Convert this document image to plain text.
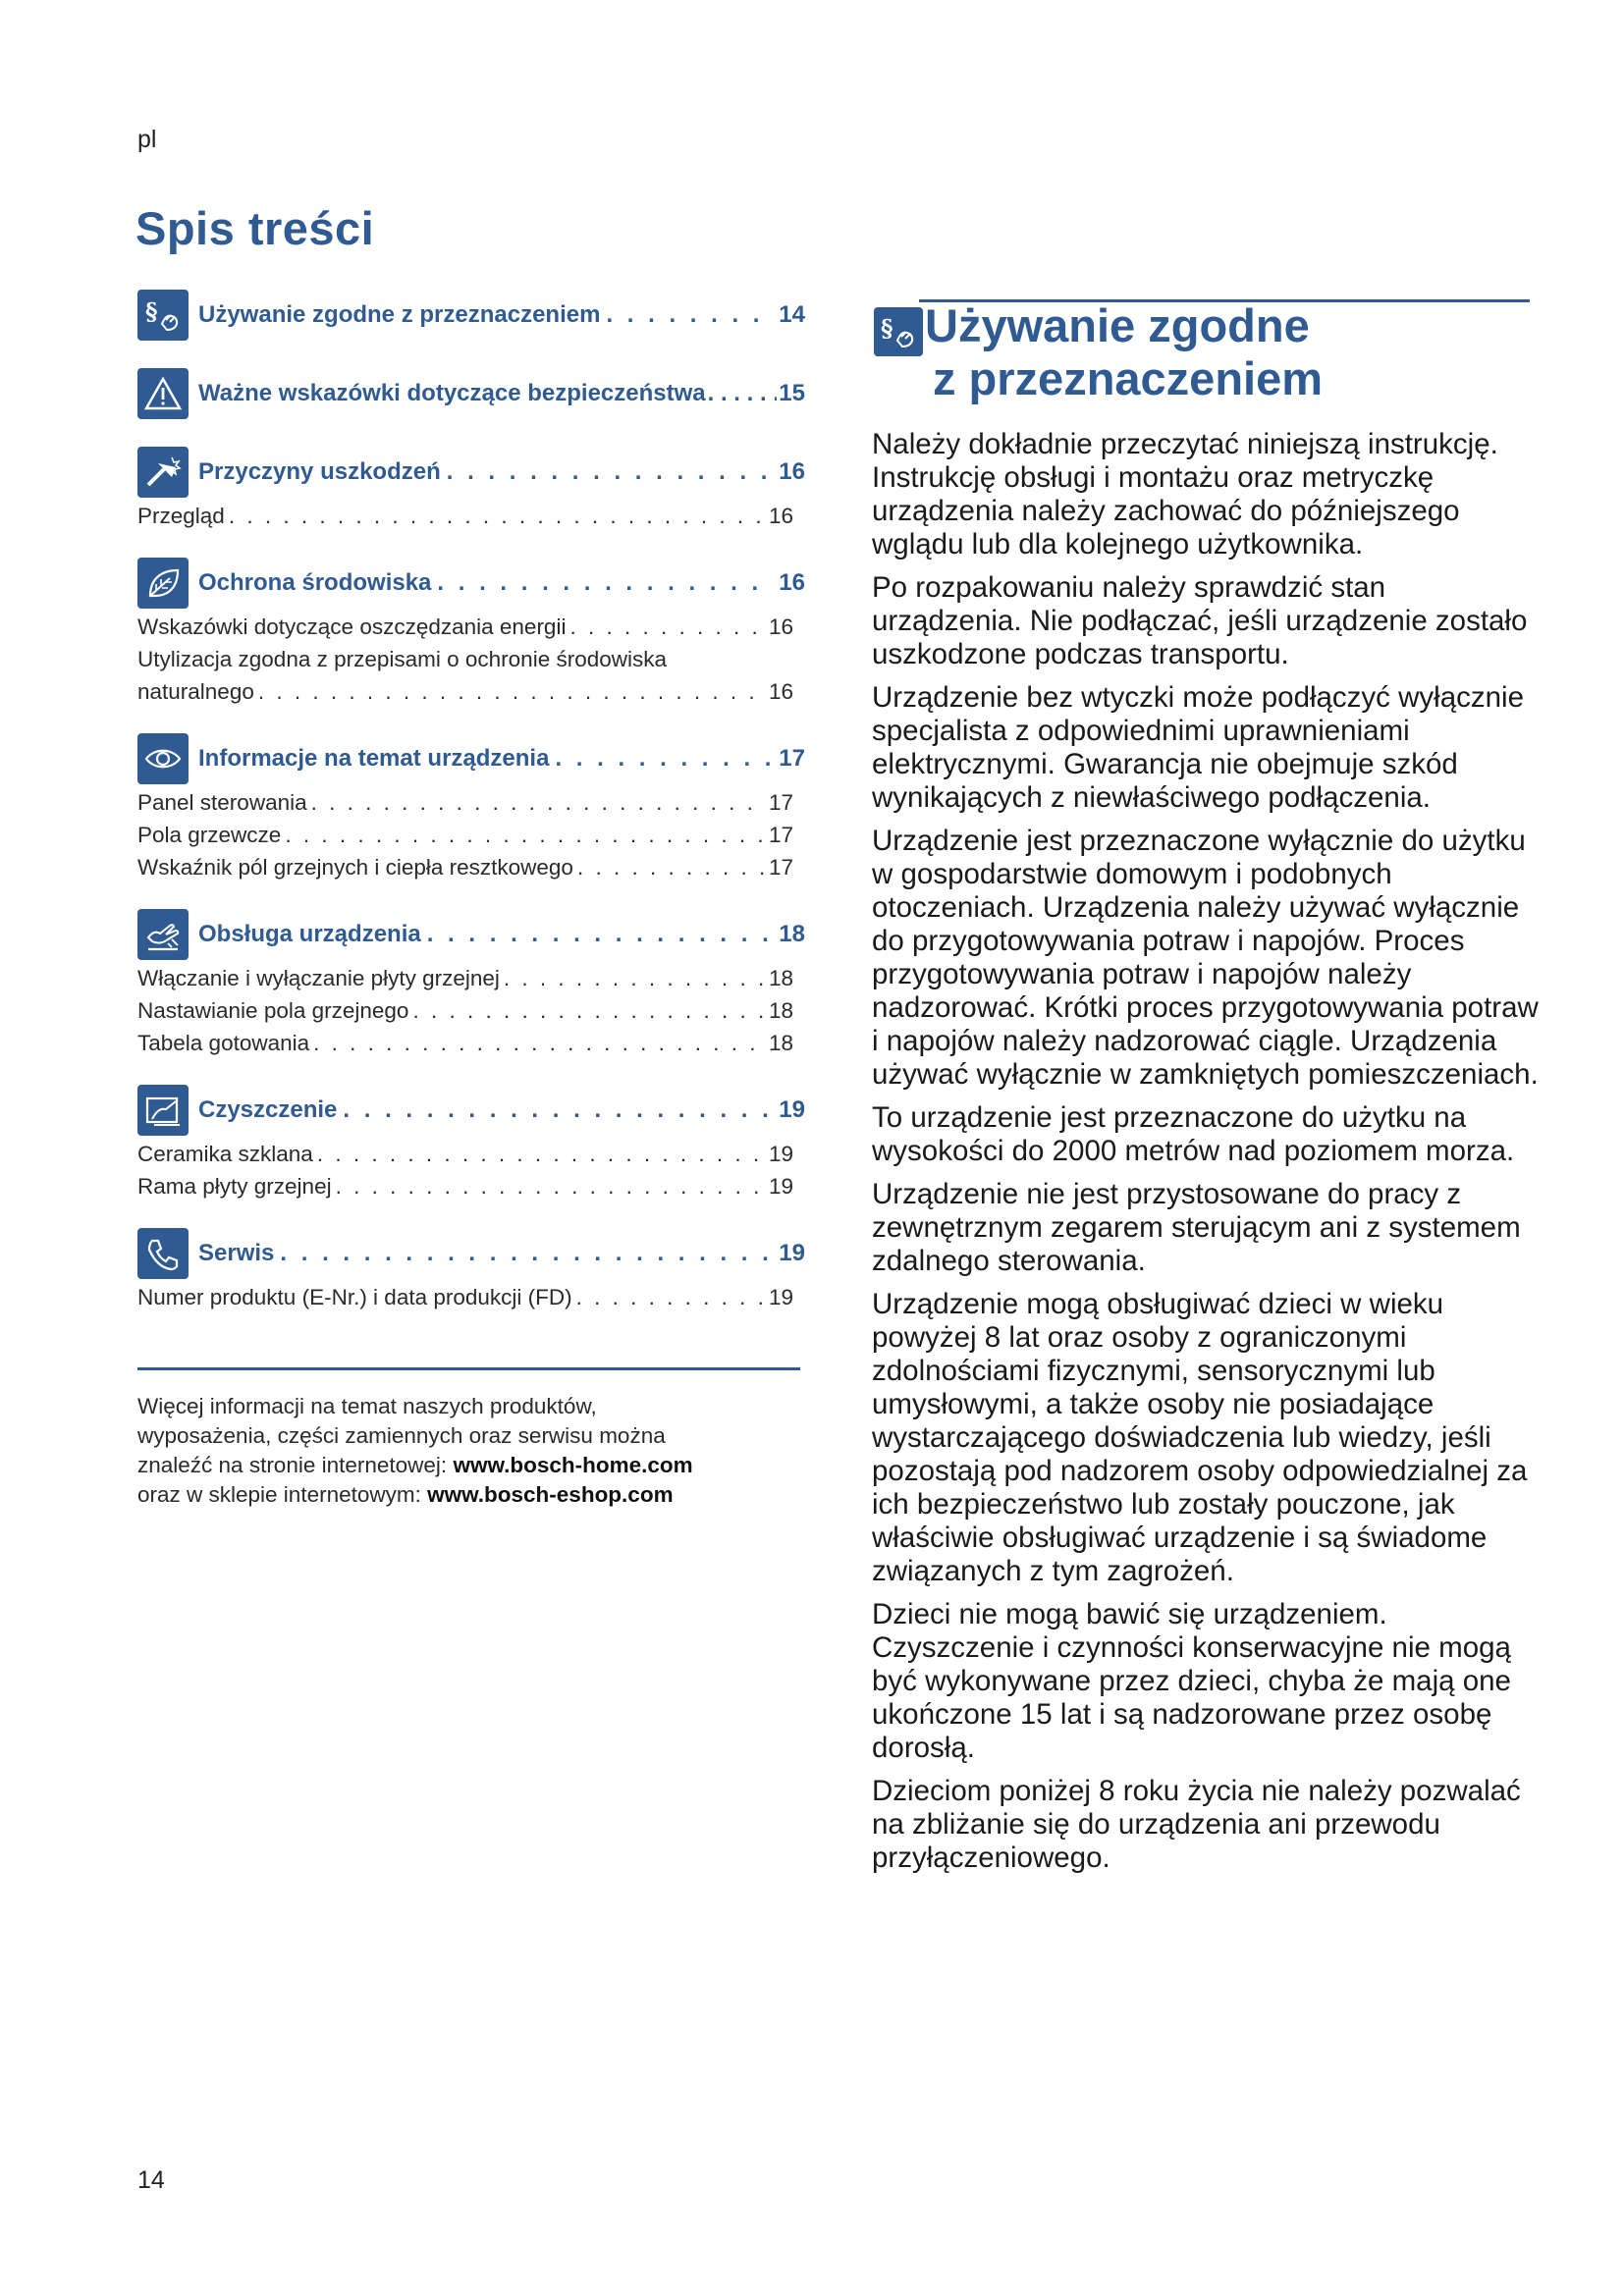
pl
Spis treści
§ Używanie zgodne z przeznaczeniem . . .	14
Ważne wskazówki dotyczące bezpieczeństwa . . .	15
Przyczyny uszkodzeń . . .	16
Przegląd . . .	16
Ochrona środowiska . . .	16
Wskazówki dotyczące oszczędzania energii . . .	16
Utylizacja zgodna z przepisami o ochronie środowiska
naturalnego . . .	16
Informacje na temat urządzenia . . .	17
Panel sterowania . . .	17
Pola grzewcze . . .	17
Wskaźnik pól grzejnych i ciepła resztkowego . . .	17
Obsługa urządzenia . . .	18
Włączanie i wyłączanie płyty grzejnej . . .	18
Nastawianie pola grzejnego . . .	18
Tabela gotowania . . .	18
Czyszczenie . . .	19
Ceramika szklana . . .	19
Rama płyty grzejnej . . .	19
Serwis . . .	19
Numer produktu (E-Nr.) i data produkcji (FD) . . .	19
Więcej informacji na temat naszych produktów,
wyposażenia, części zamiennych oraz serwisu można
znaleźć na stronie internetowej: www.bosch-home.com
oraz w sklepie internetowym: www.bosch-eshop.com
§ Używanie zgodne
z przeznaczeniem

Należy dokładnie przeczytać niniejszą instrukcję. Instrukcję obsługi i montażu oraz metryczkę urządzenia należy zachować do późniejszego wglądu lub dla kolejnego użytkownika.

Po rozpakowaniu należy sprawdzić stan urządzenia. Nie podłączać, jeśli urządzenie zostało uszkodzone podczas transportu.

Urządzenie bez wtyczki może podłączyć wyłącznie specjalista z odpowiednimi uprawnieniami elektrycznymi. Gwarancja nie obejmuje szkód wynikających z niewłaściwego podłączenia.

Urządzenie jest przeznaczone wyłącznie do użytku w gospodarstwie domowym i podobnych otoczeniach. Urządzenia należy używać wyłącznie do przygotowywania potraw i napojów. Proces przygotowywania potraw i napojów należy nadzorować. Krótki proces przygotowywania potraw i napojów należy nadzorować ciągle. Urządzenia używać wyłącznie w zamkniętych pomieszczeniach.

To urządzenie jest przeznaczone do użytku na wysokości do 2000 metrów nad poziomem morza.

Urządzenie nie jest przystosowane do pracy z zewnętrznym zegarem sterującym ani z systemem zdalnego sterowania.

Urządzenie mogą obsługiwać dzieci w wieku powyżej 8 lat oraz osoby z ograniczonymi zdolnościami fizycznymi, sensorycznymi lub umysłowymi, a także osoby nie posiadające wystarczającego doświadczenia lub wiedzy, jeśli pozostają pod nadzorem osoby odpowiedzialnej za ich bezpieczeństwo lub zostały pouczone, jak właściwie obsługiwać urządzenie i są świadome związanych z tym zagrożeń.

Dzieci nie mogą bawić się urządzeniem. Czyszczenie i czynności konserwacyjne nie mogą być wykonywane przez dzieci, chyba że mają one ukończone 15 lat i są nadzorowane przez osobę dorosłą.

Dzieciom poniżej 8 roku życia nie należy pozwalać na zbliżanie się do urządzenia ani przewodu przyłączeniowego.

14
